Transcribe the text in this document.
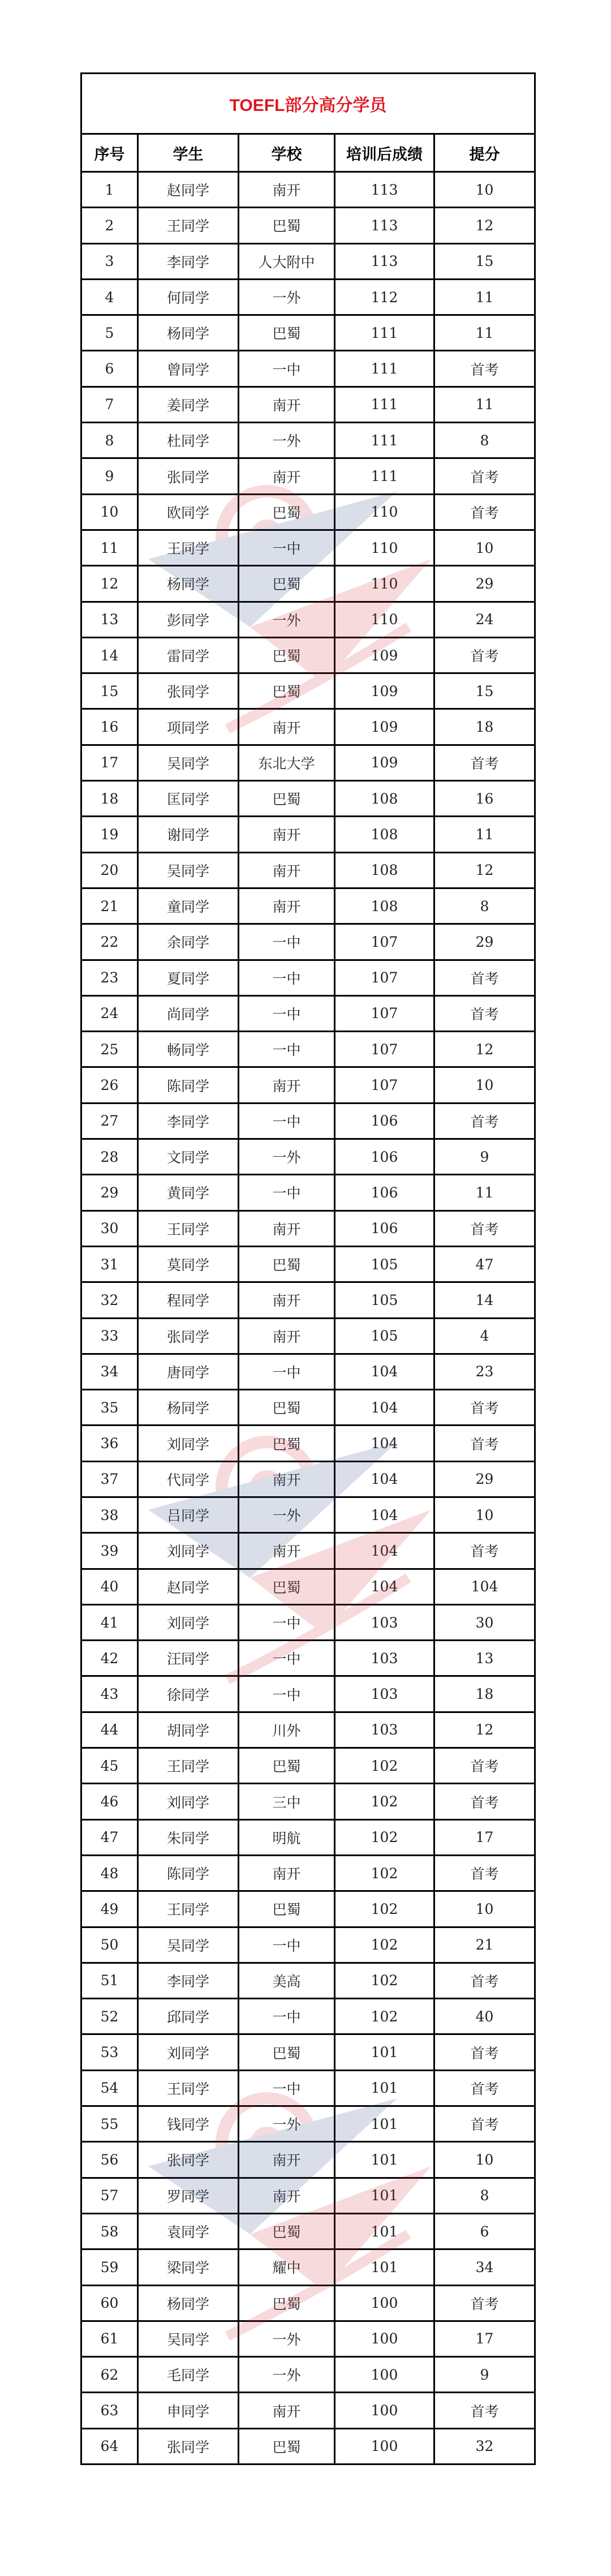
TOEFL部分高分学员				
序号	学生	学校	培训后成绩	提分
1	赵同学	南开	113	10
2	王同学	巴蜀	113	12
3	李同学	人大附中	113	15
4	何同学	一外	112	11
5	杨同学	巴蜀	111	11
6	曾同学	一中	111	首考
7	姜同学	南开	111	11
8	杜同学	一外	111	8
9	张同学	南开	111	首考
10	欧同学	巴蜀	110	首考
11	王同学	一中	110	10
12	杨同学	巴蜀	110	29
13	彭同学	一外	110	24
14	雷同学	巴蜀	109	首考
15	张同学	巴蜀	109	15
16	项同学	南开	109	18
17	吴同学	东北大学	109	首考
18	匡同学	巴蜀	108	16
19	谢同学	南开	108	11
20	吴同学	南开	108	12
21	童同学	南开	108	8
22	余同学	一中	107	29
23	夏同学	一中	107	首考
24	尚同学	一中	107	首考
25	畅同学	一中	107	12
26	陈同学	南开	107	10
27	李同学	一中	106	首考
28	文同学	一外	106	9
29	黄同学	一中	106	11
30	王同学	南开	106	首考
31	莫同学	巴蜀	105	47
32	程同学	南开	105	14
33	张同学	南开	105	4
34	唐同学	一中	104	23
35	杨同学	巴蜀	104	首考
36	刘同学	巴蜀	104	首考
37	代同学	南开	104	29
38	吕同学	一外	104	10
39	刘同学	南开	104	首考
40	赵同学	巴蜀	104	104
41	刘同学	一中	103	30
42	汪同学	一中	103	13
43	徐同学	一中	103	18
44	胡同学	川外	103	12
45	王同学	巴蜀	102	首考
46	刘同学	三中	102	首考
47	朱同学	明航	102	17
48	陈同学	南开	102	首考
49	王同学	巴蜀	102	10
50	吴同学	一中	102	21
51	李同学	美高	102	首考
52	邱同学	一中	102	40
53	刘同学	巴蜀	101	首考
54	王同学	一中	101	首考
55	钱同学	一外	101	首考
56	张同学	南开	101	10
57	罗同学	南开	101	8
58	袁同学	巴蜀	101	6
59	梁同学	耀中	101	34
60	杨同学	巴蜀	100	首考
61	吴同学	一外	100	17
62	毛同学	一外	100	9
63	申同学	南开	100	首考
64	张同学	巴蜀	100	32
